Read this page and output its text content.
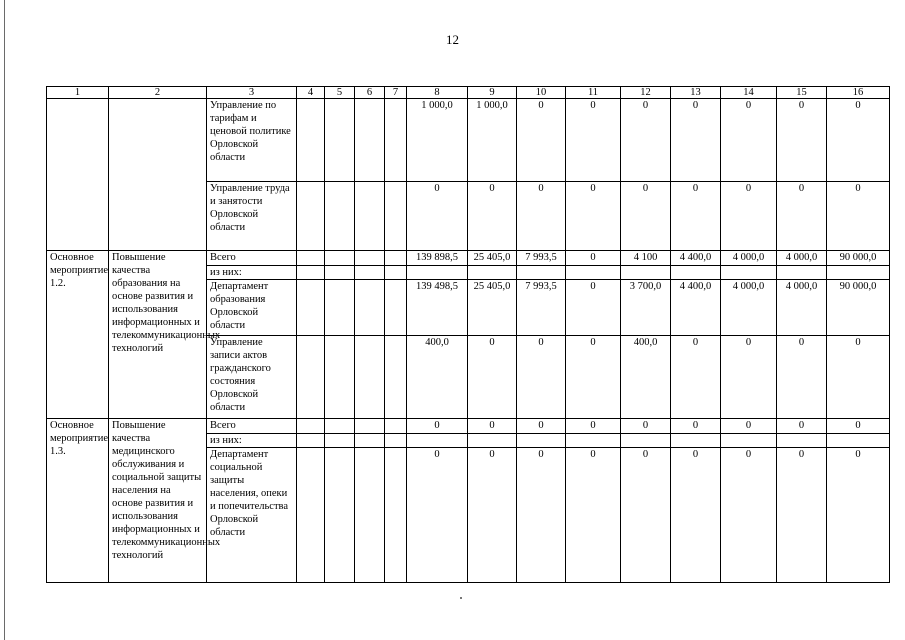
12
1	2	3	4	5	6	7	8	9	10	11	12	13	14	15	16
		Управление по тарифам и ценовой политике Орловской области					1 000,0	1 000,0	0	0	0	0	0	0	0
		Управление труда и занятости Орловской области					0	0	0	0	0	0	0	0	0
Основное мероприятие 1.2.	Повышение качества образования на основе развития и использования информационных и телекоммуникационных технологий	Всего					139 898,5	25 405,0	7 993,5	0	4 100	4 400,0	4 000,0	4 000,0	90 000,0
		из них:													
		Департамент образования Орловской области					139 498,5	25 405,0	7 993,5	0	3 700,0	4 400,0	4 000,0	4 000,0	90 000,0
		Управление записи актов гражданского состояния Орловской области					400,0	0	0	0	400,0	0	0	0	0
Основное мероприятие 1.3.	Повышение качества медицинского обслуживания и социальной защиты населения на основе развития и использования информационных и телекоммуникационных технологий	Всего					0	0	0	0	0	0	0	0	0
		из них:													
		Департамент социальной защиты населения, опеки и попечительства Орловской области					0	0	0	0	0	0	0	0	0
